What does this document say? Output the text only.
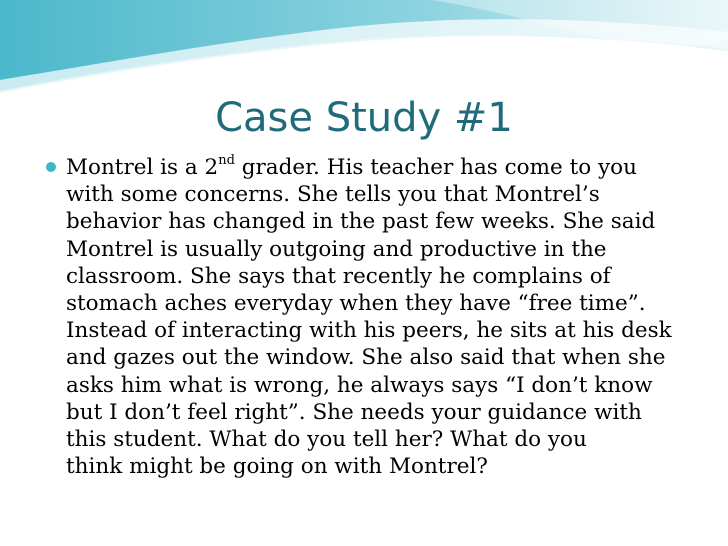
Case Study #1
Montrel is a 2nd grader. His teacher has come to you
with some concerns. She tells you that Montrel’s
behavior has changed in the past few weeks. She said
Montrel is usually outgoing and productive in the
classroom. She says that recently he complains of
stomach aches everyday when they have “free time”.
Instead of interacting with his peers, he sits at his desk
and gazes out the window. She also said that when she
asks him what is wrong, he always says “I don’t know
but I don’t feel right”. She needs your guidance with
this student. What do you tell her? What do you
think might be going on with Montrel?
